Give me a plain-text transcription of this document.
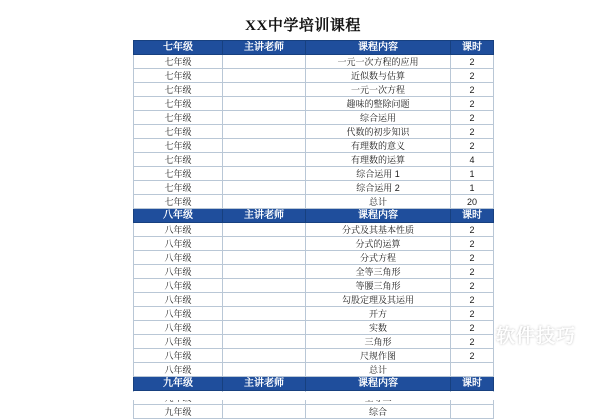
XX中学培训课程
七年级	主讲老师	课程内容	课时
七年级		一元一次方程的应用	2
七年级		近似数与估算	2
七年级		一元一次方程	2
七年级		趣味的整除问题	2
七年级		综合运用	2
七年级		代数的初步知识	2
七年级		有理数的意义	2
七年级		有理数的运算	4
七年级		综合运用 1	1
七年级		综合运用 2	1
七年级		总计	20
八年级	主讲老师	课程内容	课时
八年级		分式及其基本性质	2
八年级		分式的运算	2
八年级		分式方程	2
八年级		全等三角形	2
八年级		等腰三角形	2
八年级		勾股定理及其运用	2
八年级		开方	2
八年级		实数	2
八年级		三角形	2
八年级		尺规作图	2
八年级		总计	
九年级	主讲老师	课程内容	课时

九年级		综合	
软件技巧
